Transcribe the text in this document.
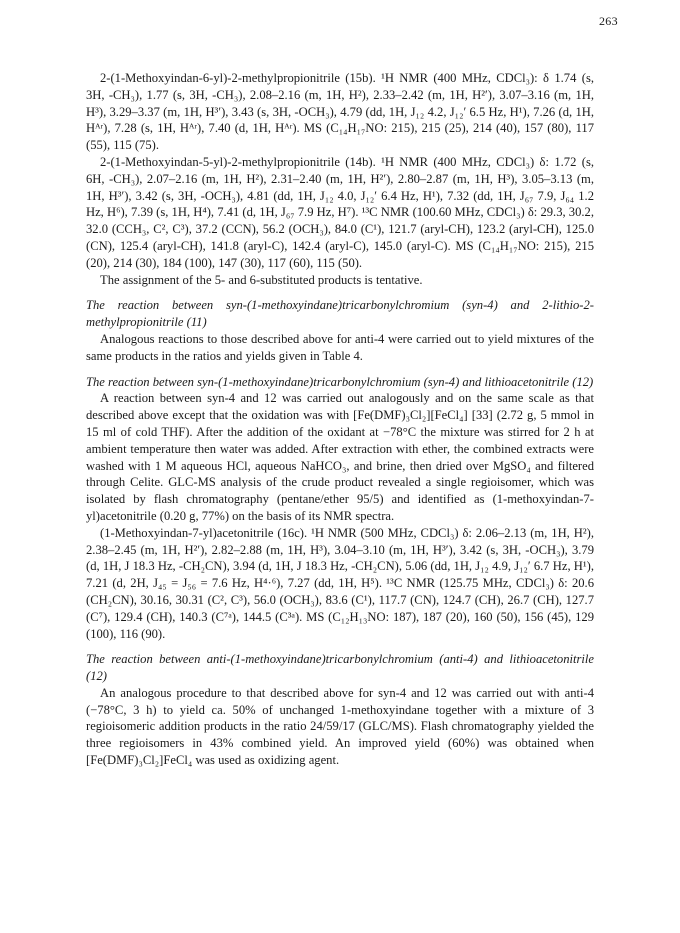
263

2-(1-Methoxyindan-6-yl)-2-methylpropionitrile (15b). ¹H NMR (400 MHz, CDCl₃): δ 1.74 (s, 3H, -CH₃), 1.77 (s, 3H, -CH₃), 2.08–2.16 (m, 1H, H²), 2.33–2.42 (m, 1H, H²′), 3.07–3.16 (m, 1H, H³), 3.29–3.37 (m, 1H, H³′), 3.43 (s, 3H, -OCH₃), 4.79 (dd, 1H, J₁₂ 4.2, J₁₂′ 6.5 Hz, H¹), 7.26 (d, 1H, Hᴬʳ), 7.28 (s, 1H, Hᴬʳ), 7.40 (d, 1H, Hᴬʳ). MS (C₁₄H₁₇NO: 215), 215 (25), 214 (40), 157 (80), 117 (55), 115 (75).

2-(1-Methoxyindan-5-yl)-2-methylpropionitrile (14b). ¹H NMR (400 MHz, CDCl₃) δ: 1.72 (s, 6H, -CH₃), 2.07–2.16 (m, 1H, H²), 2.31–2.40 (m, 1H, H²′), 2.80–2.87 (m, 1H, H³), 3.05–3.13 (m, 1H, H³′), 3.42 (s, 3H, -OCH₃), 4.81 (dd, 1H, J₁₂ 4.0, J₁₂′ 6.4 Hz, H¹), 7.32 (dd, 1H, J₆₇ 7.9, J₆₄ 1.2 Hz, H⁶), 7.39 (s, 1H, H⁴), 7.41 (d, 1H, J₆₇ 7.9 Hz, H⁷). ¹³C NMR (100.60 MHz, CDCl₃) δ: 29.3, 30.2, 32.0 (CCH₃, C², C³), 37.2 (CCN), 56.2 (OCH₃), 84.0 (C¹), 121.7 (aryl-CH), 123.2 (aryl-CH), 125.0 (CN), 125.4 (aryl-CH), 141.8 (aryl-C), 142.4 (aryl-C), 145.0 (aryl-C). MS (C₁₄H₁₇NO: 215), 215 (20), 214 (30), 184 (100), 147 (30), 117 (60), 115 (50).

The assignment of the 5- and 6-substituted products is tentative.

The reaction between syn-(1-methoxyindane)tricarbonylchromium (syn-4) and 2-lithio-2-methylpropionitrile (11)

Analogous reactions to those described above for anti-4 were carried out to yield mixtures of the same products in the ratios and yields given in Table 4.

The reaction between syn-(1-methoxyindane)tricarbonylchromium (syn-4) and lithioacetonitrile (12)

A reaction between syn-4 and 12 was carried out analogously and on the same scale as that described above except that the oxidation was with [Fe(DMF)₃Cl₂][FeCl₄] [33] (2.72 g, 5 mmol in 15 ml of cold THF). After the addition of the oxidant at −78°C the mixture was stirred for 2 h at ambient temperature then water was added. After extraction with ether, the combined extracts were washed with 1 M aqueous HCl, aqueous NaHCO₃, and brine, then dried over MgSO₄ and filtered through Celite. GLC-MS analysis of the crude product revealed a single regioisomer, which was isolated by flash chromatography (pentane/ether 95/5) and identified as (1-methoxyindan-7-yl)acetonitrile (0.20 g, 77%) on the basis of its NMR spectra.

(1-Methoxyindan-7-yl)acetonitrile (16c). ¹H NMR (500 MHz, CDCl₃) δ: 2.06–2.13 (m, 1H, H²), 2.38–2.45 (m, 1H, H²′), 2.82–2.88 (m, 1H, H³), 3.04–3.10 (m, 1H, H³′), 3.42 (s, 3H, -OCH₃), 3.79 (d, 1H, J 18.3 Hz, -CH₂CN), 3.94 (d, 1H, J 18.3 Hz, -CH₂CN), 5.06 (dd, 1H, J₁₂ 4.9, J₁₂′ 6.7 Hz, H¹), 7.21 (d, 2H, J₄₅ = J₅₆ = 7.6 Hz, H⁴·⁶), 7.27 (dd, 1H, H⁵). ¹³C NMR (125.75 MHz, CDCl₃) δ: 20.6 (CH₂CN), 30.16, 30.31 (C², C³), 56.0 (OCH₃), 83.6 (C¹), 117.7 (CN), 124.7 (CH), 26.7 (CH), 127.7 (C⁷), 129.4 (CH), 140.3 (C⁷ᵃ), 144.5 (C³ᵃ). MS (C₁₂H₁₃NO: 187), 187 (20), 160 (50), 156 (45), 129 (100), 116 (90).

The reaction between anti-(1-methoxyindane)tricarbonylchromium (anti-4) and lithioacetonitrile (12)

An analogous procedure to that described above for syn-4 and 12 was carried out with anti-4 (−78°C, 3 h) to yield ca. 50% of unchanged 1-methoxyindane together with a mixture of 3 regioisomeric addition products in the ratio 24/59/17 (GLC/MS). Flash chromatography yielded the three regioisomers in 43% combined yield. An improved yield (60%) was obtained when [Fe(DMF)₃Cl₂]FeCl₄ was used as oxidizing agent.
